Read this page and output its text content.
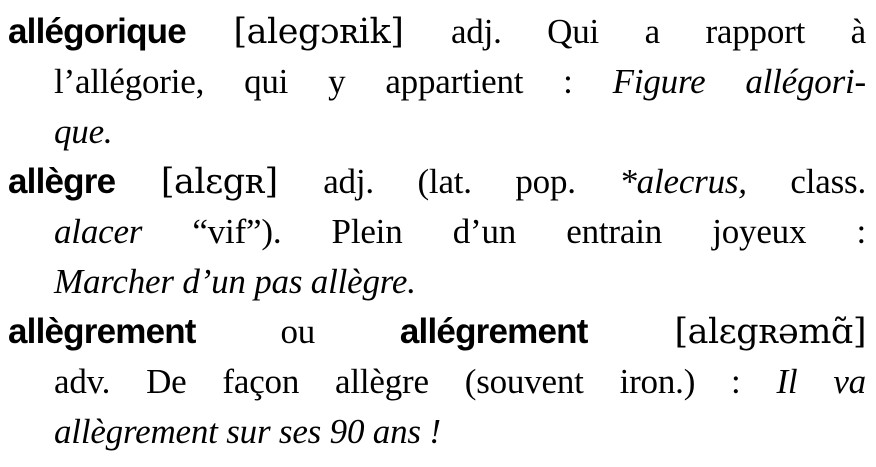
allégorique [alegɔʀik] adj. Qui a rapport à
l’allégorie, qui y appartient : Figure allégori-
que.
allègre [alɛgʀ] adj. (lat. pop. *alecrus, class.
alacer “vif”). Plein d’un entrain joyeux :
Marcher d’un pas allègre.
allègrement ou allégrement [alɛgʀəmɑ̃]
adv. De façon allègre (souvent iron.) : Il va
allègrement sur ses 90 ans !
